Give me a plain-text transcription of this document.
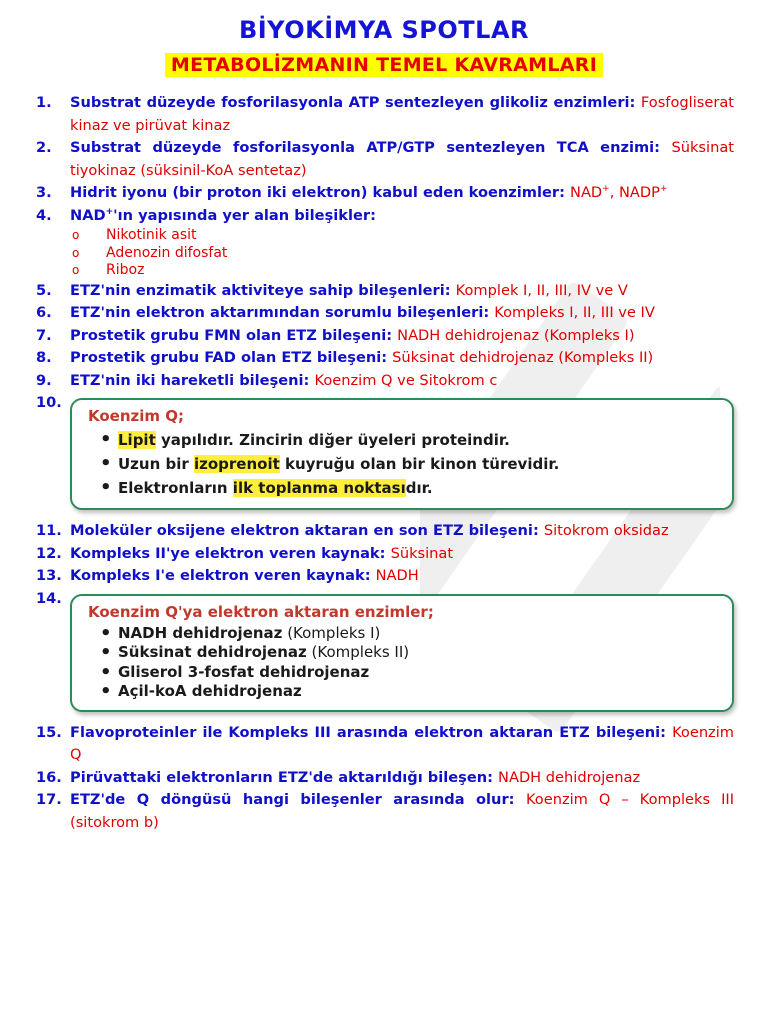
BİYOKİMYA SPOTLAR
METABOLİZMANIN TEMEL KAVRAMLARI
1. Substrat düzeyde fosforilasyonla ATP sentezleyen glikoliz enzimleri: Fosfogliserat kinaz ve pirüvat kinaz
2. Substrat düzeyde fosforilasyonla ATP/GTP sentezleyen TCA enzimi: Süksinat tiyokinaz (süksinil-KoA sentetaz)
3. Hidrit iyonu (bir proton iki elektron) kabul eden koenzimler: NAD+, NADP+
4. NAD+'ın yapısında yer alan bileşikler:
o Nikotinik asit
o Adenozin difosfat
o Riboz
5. ETZ'nin enzimatik aktiviteye sahip bileşenleri: Komplek I, II, III, IV ve V
6. ETZ'nin elektron aktarımından sorumlu bileşenleri: Kompleks I, II, III ve IV
7. Prostetik grubu FMN olan ETZ bileşeni: NADH dehidrojenaz (Kompleks I)
8. Prostetik grubu FAD olan ETZ bileşeni: Süksinat dehidrojenaz (Kompleks II)
9. ETZ'nin iki hareketli bileşeni: Koenzim Q ve Sitokrom c
10.
Koenzim Q;
• Lipit yapılıdır. Zincirin diğer üyeleri proteindir.
• Uzun bir izoprenoit kuyruğu olan bir kinon türevidir.
• Elektronların ilk toplanma noktasıdır.
11. Moleküler oksijene elektron aktaran en son ETZ bileşeni: Sitokrom oksidaz
12. Kompleks II'ye elektron veren kaynak: Süksinat
13. Kompleks I'e elektron veren kaynak: NADH
14.
Koenzim Q'ya elektron aktaran enzimler;
• NADH dehidrojenaz (Kompleks I)
• Süksinat dehidrojenaz (Kompleks II)
• Gliserol 3-fosfat dehidrojenaz
• Açil-koA dehidrojenaz
15. Flavoproteinler ile Kompleks III arasında elektron aktaran ETZ bileşeni: Koenzim Q
16. Pirüvattaki elektronların ETZ'de aktarıldığı bileşen: NADH dehidrojenaz
17. ETZ'de Q döngüsü hangi bileşenler arasında olur: Koenzim Q – Kompleks III (sitokrom b)
